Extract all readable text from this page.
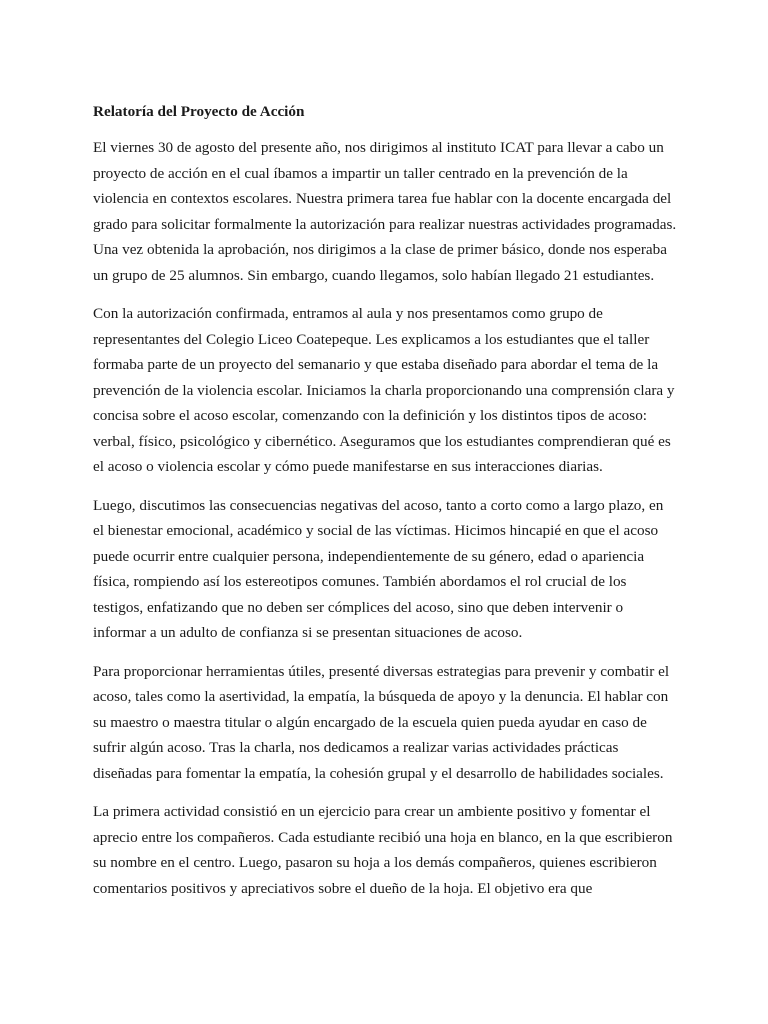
Relatoría del Proyecto de Acción

El viernes 30 de agosto del presente año, nos dirigimos al instituto ICAT para llevar a cabo un proyecto de acción en el cual íbamos a impartir un taller centrado en la prevención de la violencia en contextos escolares. Nuestra primera tarea fue hablar con la docente encargada del grado para solicitar formalmente la autorización para realizar nuestras actividades programadas. Una vez obtenida la aprobación, nos dirigimos a la clase de primer básico, donde nos esperaba un grupo de 25 alumnos. Sin embargo, cuando llegamos, solo habían llegado 21 estudiantes.

Con la autorización confirmada, entramos al aula y nos presentamos como grupo de representantes del Colegio Liceo Coatepeque. Les explicamos a los estudiantes que el taller formaba parte de un proyecto del semanario y que estaba diseñado para abordar el tema de la prevención de la violencia escolar. Iniciamos la charla proporcionando una comprensión clara y concisa sobre el acoso escolar, comenzando con la definición y los distintos tipos de acoso: verbal, físico, psicológico y cibernético. Aseguramos que los estudiantes comprendieran qué es el acoso o violencia escolar y cómo puede manifestarse en sus interacciones diarias.

Luego, discutimos las consecuencias negativas del acoso, tanto a corto como a largo plazo, en el bienestar emocional, académico y social de las víctimas. Hicimos hincapié en que el acoso puede ocurrir entre cualquier persona, independientemente de su género, edad o apariencia física, rompiendo así los estereotipos comunes. También abordamos el rol crucial de los testigos, enfatizando que no deben ser cómplices del acoso, sino que deben intervenir o informar a un adulto de confianza si se presentan situaciones de acoso.

Para proporcionar herramientas útiles, presenté diversas estrategias para prevenir y combatir el acoso, tales como la asertividad, la empatía, la búsqueda de apoyo y la denuncia. El hablar con su maestro o maestra titular o algún encargado de la escuela quien pueda ayudar en caso de sufrir algún acoso. Tras la charla, nos dedicamos a realizar varias actividades prácticas diseñadas para fomentar la empatía, la cohesión grupal y el desarrollo de habilidades sociales.

La primera actividad consistió en un ejercicio para crear un ambiente positivo y fomentar el aprecio entre los compañeros. Cada estudiante recibió una hoja en blanco, en la que escribieron su nombre en el centro. Luego, pasaron su hoja a los demás compañeros, quienes escribieron comentarios positivos y apreciativos sobre el dueño de la hoja. El objetivo era que
